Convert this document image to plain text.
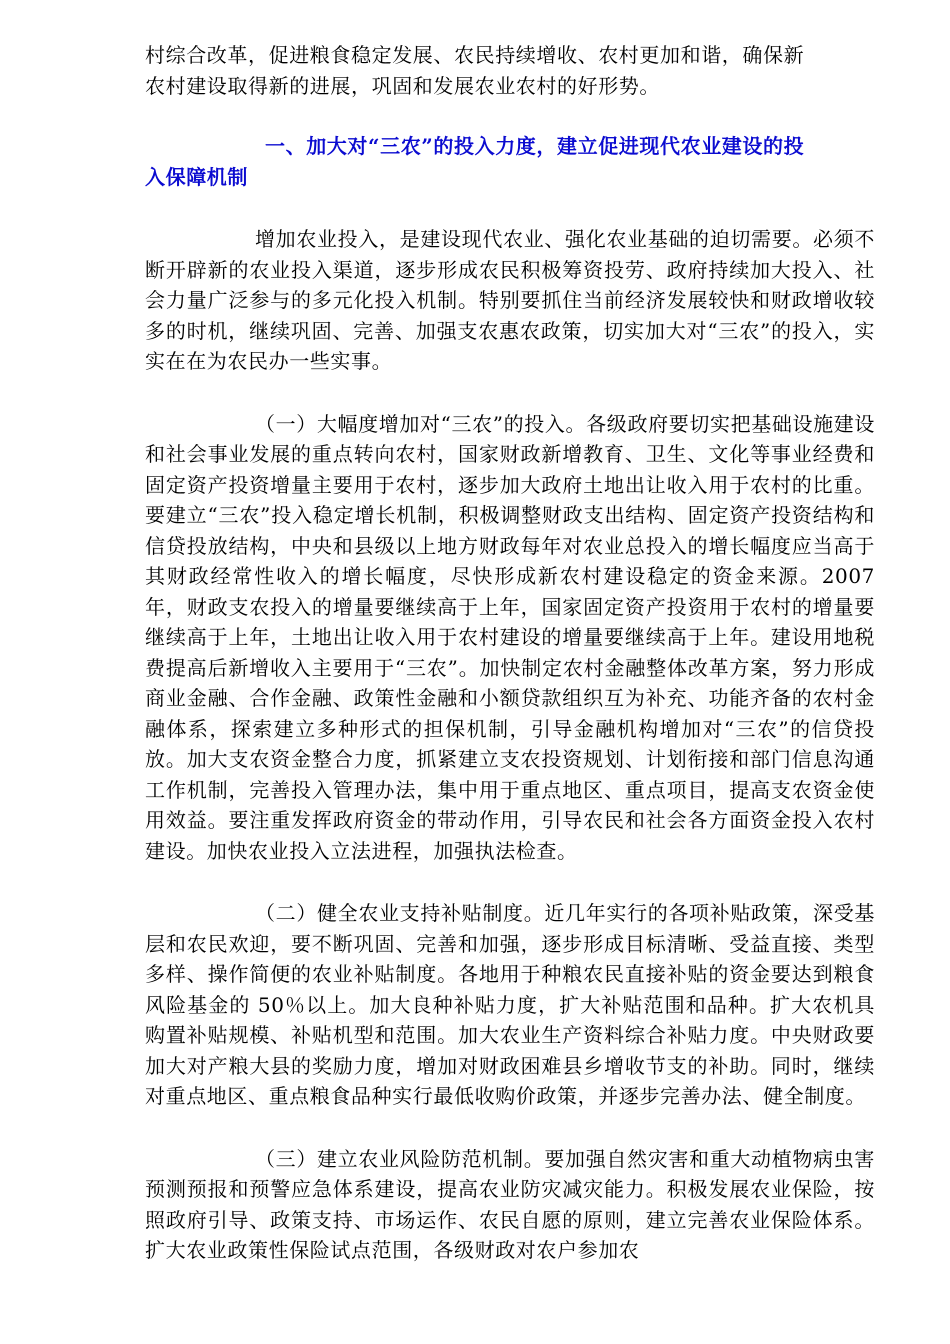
村综合改革，促进粮食稳定发展、农民持续增收、农村更加和谐，确保新
农村建设取得新的进展，巩固和发展农业农村的好形势。

一、加大对“三农”的投入力度，建立促进现代农业建设的投
入保障机制

增加农业投入，是建设现代农业、强化农业基础的迫切需要。必须不断开辟新的农业投入渠道，逐步形成农民积极筹资投劳、政府持续加大投入、社会力量广泛参与的多元化投入机制。特别要抓住当前经济发展较快和财政增收较多的时机，继续巩固、完善、加强支农惠农政策，切实加大对“三农”的投入，实实在在为农民办一些实事。

（一）大幅度增加对“三农”的投入。各级政府要切实把基础设施建设和社会事业发展的重点转向农村，国家财政新增教育、卫生、文化等事业经费和固定资产投资增量主要用于农村，逐步加大政府土地出让收入用于农村的比重。要建立“三农”投入稳定增长机制，积极调整财政支出结构、固定资产投资结构和信贷投放结构，中央和县级以上地方财政每年对农业总投入的增长幅度应当高于其财政经常性收入的增长幅度，尽快形成新农村建设稳定的资金来源。2007 年，财政支农投入的增量要继续高于上年，国家固定资产投资用于农村的增量要继续高于上年，土地出让收入用于农村建设的增量要继续高于上年。建设用地税费提高后新增收入主要用于“三农”。加快制定农村金融整体改革方案，努力形成商业金融、合作金融、政策性金融和小额贷款组织互为补充、功能齐备的农村金融体系，探索建立多种形式的担保机制，引导金融机构增加对“三农”的信贷投放。加大支农资金整合力度，抓紧建立支农投资规划、计划衔接和部门信息沟通工作机制，完善投入管理办法，集中用于重点地区、重点项目，提高支农资金使用效益。要注重发挥政府资金的带动作用，引导农民和社会各方面资金投入农村建设。加快农业投入立法进程，加强执法检查。

（二）健全农业支持补贴制度。近几年实行的各项补贴政策，深受基层和农民欢迎，要不断巩固、完善和加强，逐步形成目标清晰、受益直接、类型多样、操作简便的农业补贴制度。各地用于种粮农民直接补贴的资金要达到粮食风险基金的 50％以上。加大良种补贴力度，扩大补贴范围和品种。扩大农机具购置补贴规模、补贴机型和范围。加大农业生产资料综合补贴力度。中央财政要加大对产粮大县的奖励力度，增加对财政困难县乡增收节支的补助。同时，继续对重点地区、重点粮食品种实行最低收购价政策，并逐步完善办法、健全制度。

（三）建立农业风险防范机制。要加强自然灾害和重大动植物病虫害预测预报和预警应急体系建设，提高农业防灾减灾能力。积极发展农业保险，按照政府引导、政策支持、市场运作、农民自愿的原则，建立完善农业保险体系。扩大农业政策性保险试点范围，各级财政对农户参加农
